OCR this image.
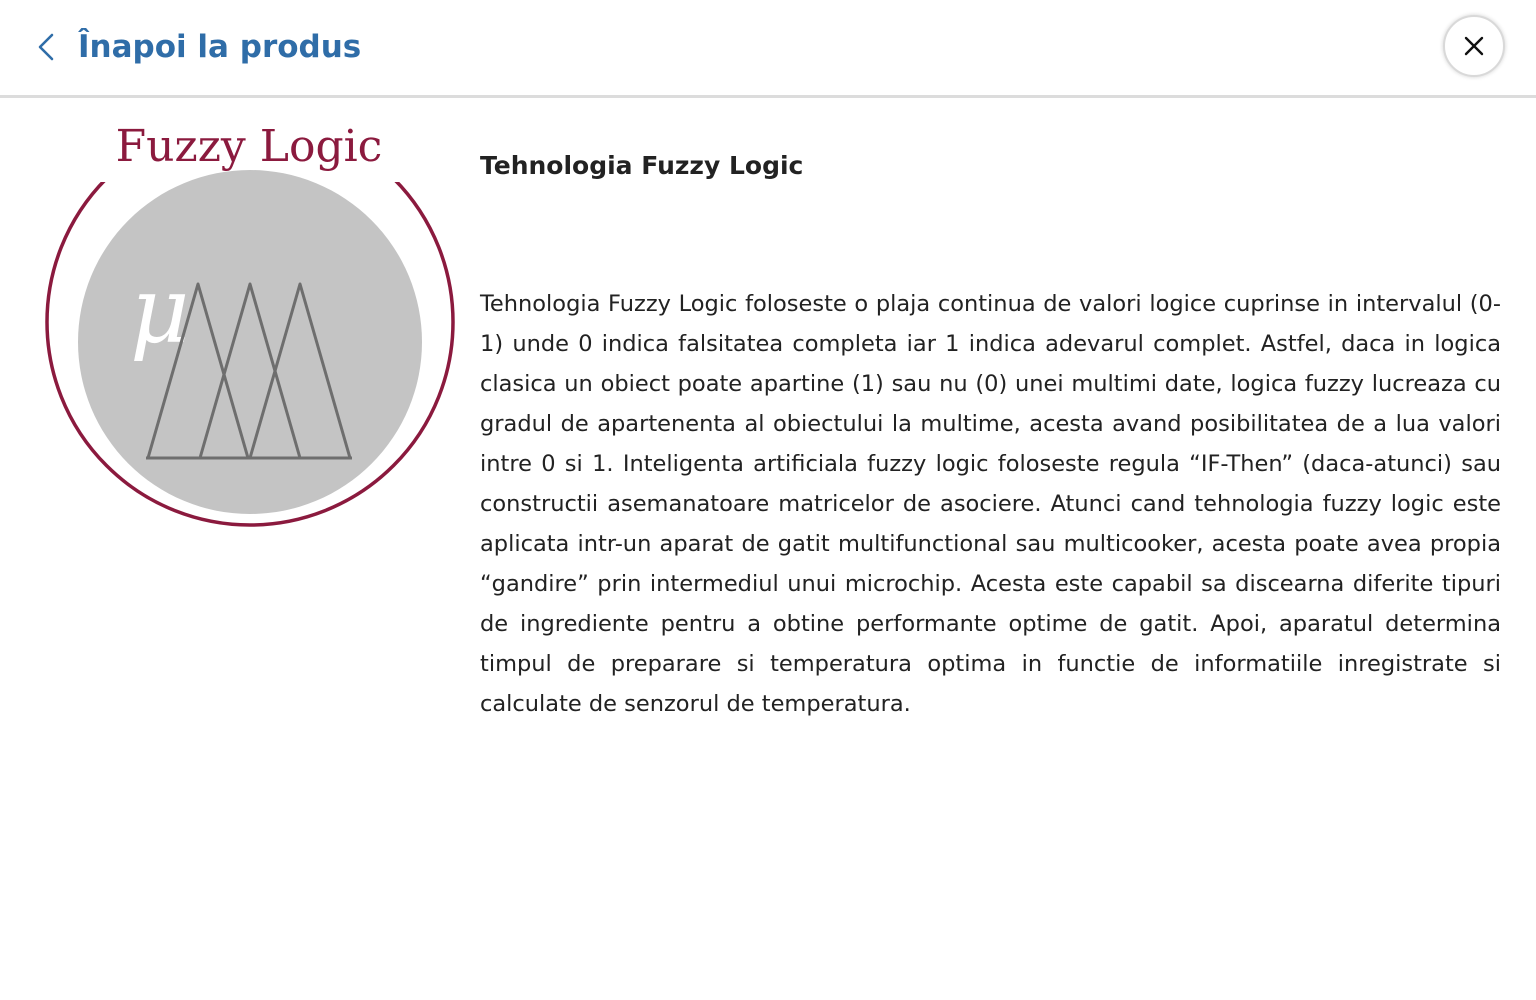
Înapoi la produs
Fuzzy Logic
μ
Tehnologia Fuzzy Logic

Tehnologia Fuzzy Logic foloseste o plaja continua de valori logice cuprinse in intervalul (0-1) unde 0 indica falsitatea completa iar 1 indica adevarul complet. Astfel, daca in logica clasica un obiect poate apartine (1) sau nu (0) unei multimi date, logica fuzzy lucreaza cu gradul de apartenenta al obiectului la multime, acesta avand posibilitatea de a lua valori intre 0 si 1. Inteligenta artificiala fuzzy logic foloseste regula “IF-Then” (daca-atunci) sau constructii asemanatoare matricelor de asociere. Atunci cand tehnologia fuzzy logic este aplicata intr-un aparat de gatit multifunctional sau multicooker, acesta poate avea propia “gandire” prin intermediul unui microchip. Acesta este capabil sa discearna diferite tipuri de ingrediente pentru a obtine performante optime de gatit. Apoi, aparatul determina timpul de preparare si temperatura optima in functie de informatiile inregistrate si calculate de senzorul de temperatura.
